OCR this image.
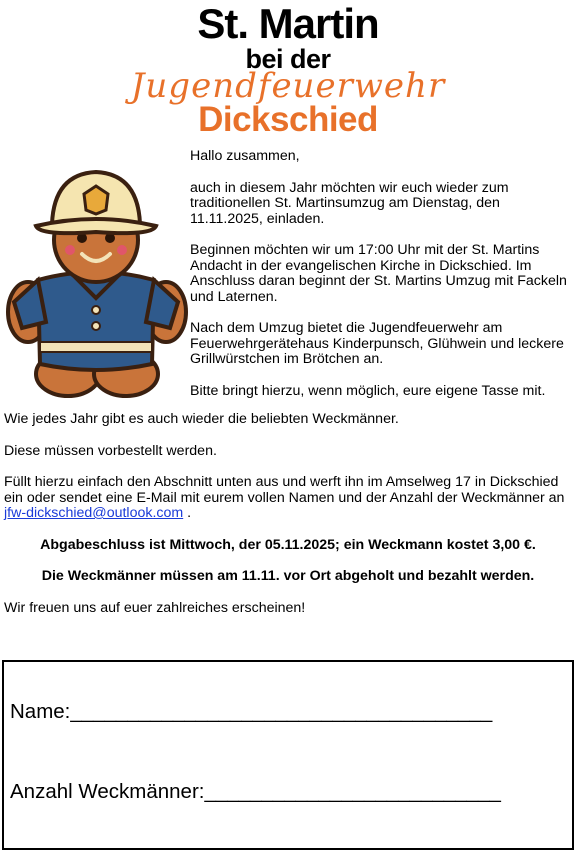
St. Martin
bei der
Jugendfeuerwehr
Dickschied

Hallo zusammen,

auch in diesem Jahr möchten wir euch wieder zum traditionellen St. Martinsumzug am Dienstag, den 11.11.2025, einladen.

Beginnen möchten wir um 17:00 Uhr mit der St. Martins Andacht in der evangelischen Kirche in Dickschied. Im Anschluss daran beginnt der St. Martins Umzug mit Fackeln und Laternen.

Nach dem Umzug bietet die Jugendfeuerwehr am Feuerwehrgerätehaus Kinderpunsch, Glühwein und leckere Grillwürstchen im Brötchen an.

Bitte bringt hierzu, wenn möglich, eure eigene Tasse mit.

Wie jedes Jahr gibt es auch wieder die beliebten Weckmänner.

Diese müssen vorbestellt werden.

Füllt hierzu einfach den Abschnitt unten aus und werft ihn im Amselweg 17 in Dickschied ein oder sendet eine E-Mail mit eurem vollen Namen und der Anzahl der Weckmänner an jfw-dickschied@outlook.com .

Abgabeschluss ist Mittwoch, der 05.11.2025; ein Weckmann kostet 3,00 €.

Die Weckmänner müssen am 11.11. vor Ort abgeholt und bezahlt werden.

Wir freuen uns auf euer zahlreiches erscheinen!

Name:_____________________________________
Anzahl Weckmänner:__________________________
